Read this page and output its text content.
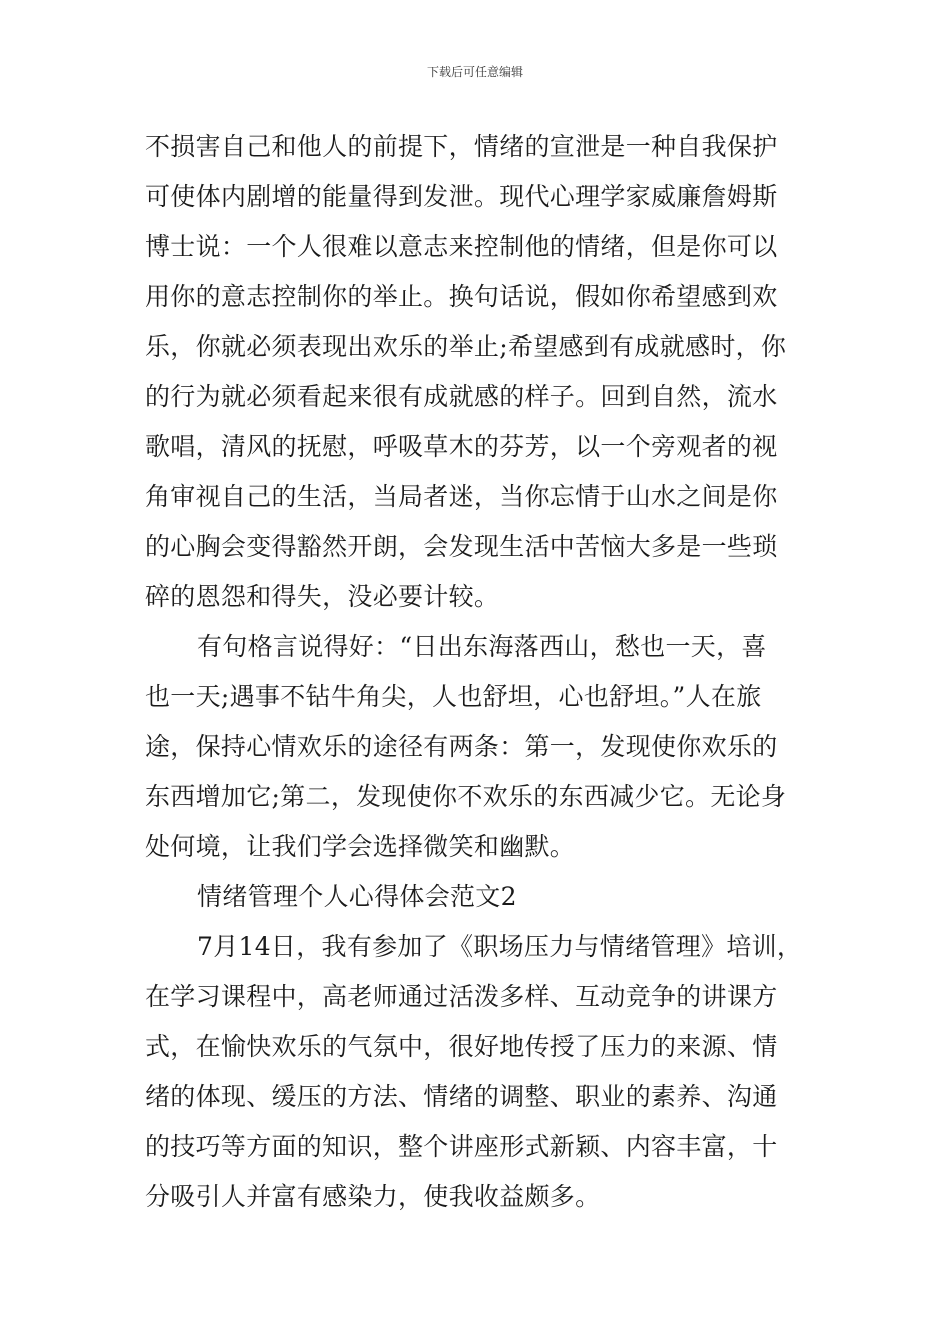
下载后可任意编辑
不损害自己和他人的前提下，情绪的宣泄是一种自我保护
可使体内剧增的能量得到发泄。现代心理学家威廉詹姆斯
博士说：一个人很难以意志来控制他的情绪，但是你可以
用你的意志控制你的举止。换句话说，假如你希望感到欢
乐，你就必须表现出欢乐的举止;希望感到有成就感时，你
的行为就必须看起来很有成就感的样子。回到自然，流水
歌唱，清风的抚慰，呼吸草木的芬芳，以一个旁观者的视
角审视自己的生活，当局者迷，当你忘情于山水之间是你
的心胸会变得豁然开朗，会发现生活中苦恼大多是一些琐
碎的恩怨和得失，没必要计较。
有句格言说得好：“日出东海落西山，愁也一天，喜
也一天;遇事不钻牛角尖，人也舒坦，心也舒坦。”人在旅
途，保持心情欢乐的途径有两条：第一，发现使你欢乐的
东西增加它;第二，发现使你不欢乐的东西减少它。无论身
处何境，让我们学会选择微笑和幽默。
情绪管理个人心得体会范文2
7月14日，我有参加了《职场压力与情绪管理》培训，
在学习课程中，高老师通过活泼多样、互动竞争的讲课方
式，在愉快欢乐的气氛中，很好地传授了压力的来源、情
绪的体现、缓压的方法、情绪的调整、职业的素养、沟通
的技巧等方面的知识，整个讲座形式新颖、内容丰富，十
分吸引人并富有感染力，使我收益颇多。
